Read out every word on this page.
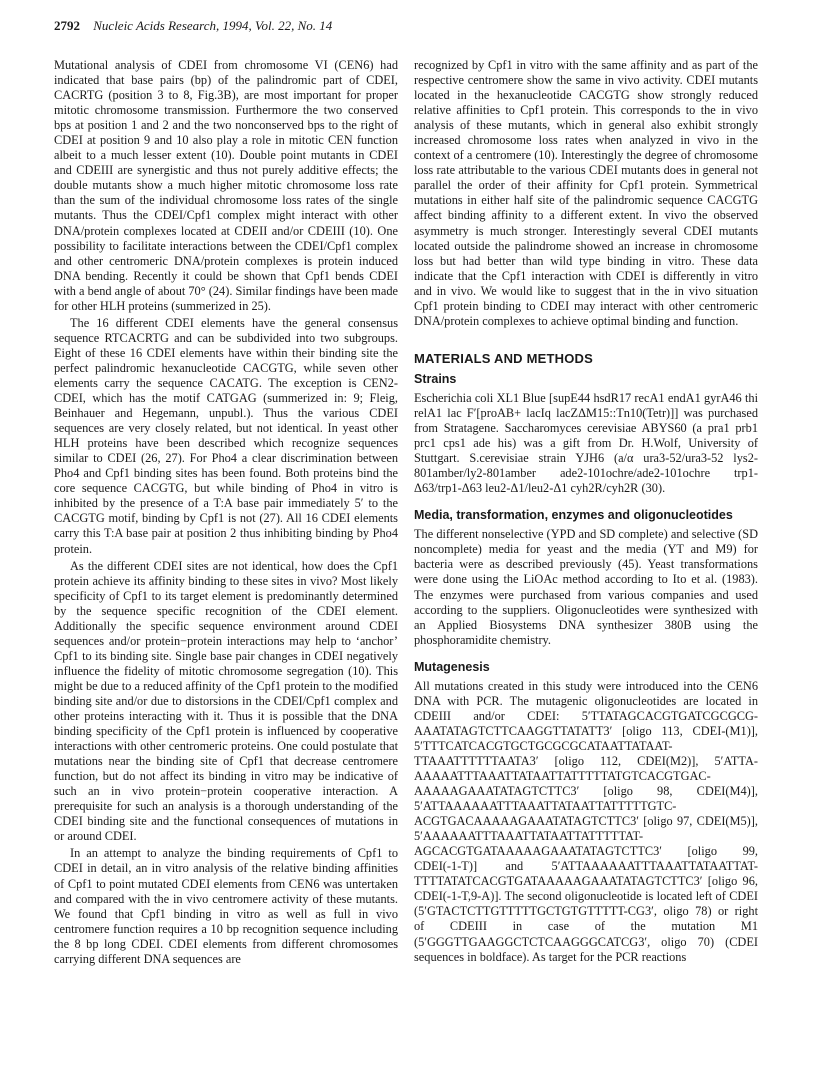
2792 Nucleic Acids Research, 1994, Vol. 22, No. 14

Mutational analysis of CDEI from chromosome VI (CEN6) had indicated that base pairs (bp) of the palindromic part of CDEI, CACRTG (position 3 to 8, Fig.3B), are most important for proper mitotic chromosome transmission. Furthermore the two conserved bps at position 1 and 2 and the two nonconserved bps to the right of CDEI at position 9 and 10 also play a role in mitotic CEN function albeit to a much lesser extent (10). Double point mutants in CDEI and CDEIII are synergistic and thus not purely additive effects; the double mutants show a much higher mitotic chromosome loss rate than the sum of the individual chromosome loss rates of the single mutants. Thus the CDEI/Cpf1 complex might interact with other DNA/protein complexes located at CDEII and/or CDEIII (10). One possibility to facilitate interactions between the CDEI/Cpf1 complex and other centromeric DNA/protein complexes is protein induced DNA bending. Recently it could be shown that Cpf1 bends CDEI with a bend angle of about 70° (24). Similar findings have been made for other HLH proteins (summerized in 25).

The 16 different CDEI elements have the general consensus sequence RTCACRTG and can be subdivided into two subgroups. Eight of these 16 CDEI elements have within their binding site the perfect palindromic hexanucleotide CACGTG, while seven other elements carry the sequence CACATG. The exception is CEN2-CDEI, which has the motif CATGAG (summerized in: 9; Fleig, Beinhauer and Hegemann, unpubl.). Thus the various CDEI sequences are very closely related, but not identical. In yeast other HLH proteins have been described which recognize sequences similar to CDEI (26, 27). For Pho4 a clear discrimination between Pho4 and Cpf1 binding sites has been found. Both proteins bind the core sequence CACGTG, but while binding of Pho4 in vitro is inhibited by the presence of a T:A base pair immediately 5′ to the CACGTG motif, binding by Cpf1 is not (27). All 16 CDEI elements carry this T:A base pair at position 2 thus inhibiting binding by Pho4 protein.

As the different CDEI sites are not identical, how does the Cpf1 protein achieve its affinity binding to these sites in vivo? Most likely specificity of Cpf1 to its target element is predominantly determined by the sequence specific recognition of the CDEI element. Additionally the specific sequence environment around CDEI sequences and/or protein−protein interactions may help to ‘anchor’ Cpf1 to its binding site. Single base pair changes in CDEI negatively influence the fidelity of mitotic chromosome segregation (10). This might be due to a reduced affinity of the Cpf1 protein to the modified binding site and/or due to distorsions in the CDEI/Cpf1 complex and other proteins interacting with it. Thus it is possible that the DNA binding specificity of the Cpf1 protein is influenced by cooperative interactions with other centromeric proteins. One could postulate that mutations near the binding site of Cpf1 that decrease centromere function, but do not affect its binding in vitro may be indicative of such an in vivo protein−protein cooperative interaction. A prerequisite for such an analysis is a thorough understanding of the CDEI binding site and the functional consequences of mutations in or around CDEI.

In an attempt to analyze the binding requirements of Cpf1 to CDEI in detail, an in vitro analysis of the relative binding affinities of Cpf1 to point mutated CDEI elements from CEN6 was untertaken and compared with the in vivo centromere activity of these mutants. We found that Cpf1 binding in vitro as well as full in vivo centromere function requires a 10 bp recognition sequence including the 8 bp long CDEI. CDEI elements from different chromosomes carrying different DNA sequences are

recognized by Cpf1 in vitro with the same affinity and as part of the respective centromere show the same in vivo activity. CDEI mutants located in the hexanucleotide CACGTG show strongly reduced relative affinities to Cpf1 protein. This corresponds to the in vivo analysis of these mutants, which in general also exhibit strongly increased chromosome loss rates when analyzed in vivo in the context of a centromere (10). Interestingly the degree of chromosome loss rate attributable to the various CDEI mutants does in general not parallel the order of their affinity for Cpf1 protein. Symmetrical mutations in either half site of the palindromic sequence CACGTG affect binding affinity to a different extent. In vivo the observed asymmetry is much stronger. Interestingly several CDEI mutants located outside the palindrome showed an increase in chromosome loss but had better than wild type binding in vitro. These data indicate that the Cpf1 interaction with CDEI is differently in vitro and in vivo. We would like to suggest that in the in vivo situation Cpf1 protein binding to CDEI may interact with other centromeric DNA/protein complexes to achieve optimal binding and function.

MATERIALS AND METHODS
Strains

Escherichia coli XL1 Blue [supE44 hsdR17 recA1 endA1 gyrA46 thi relA1 lac F′[proAB+ lacIq lacZΔM15::Tn10(Tetr)]] was purchased from Stratagene. Saccharomyces cerevisiae ABYS60 (a pra1 prb1 prc1 cps1 ade his) was a gift from Dr. H.Wolf, University of Stuttgart. S.cerevisiae strain YJH6 (a/α ura3-52/ura3-52 lys2-801amber/ly2-801amber ade2-101ochre/ade2-101ochre trp1-Δ63/trp1-Δ63 leu2-Δ1/leu2-Δ1 cyh2R/cyh2R (30).

Media, transformation, enzymes and oligonucleotides

The different nonselective (YPD and SD complete) and selective (SD noncomplete) media for yeast and the media (YT and M9) for bacteria were as described previously (45). Yeast transformations were done using the LiOAc method according to Ito et al. (1983). The enzymes were purchased from various companies and used according to the suppliers. Oligonucleotides were synthesized with an Applied Biosystems DNA synthesizer 380B using the phosphoramidite chemistry.

Mutagenesis

All mutations created in this study were introduced into the CEN6 DNA with PCR. The mutagenic oligonucleotides are located in CDEIII and/or CDEI: 5′TTATAGCACGTGATCGCGCG-AAATATAGTCTTCAAGGTTATATT3′ [oligo 113, CDEI-(M1)], 5′TTTCATCACGTGCTGCGCGCATAATTATAAT-TTAAATTTTTTAATA3′ [oligo 112, CDEI(M2)], 5′ATTA-AAAAATTTAAATTATAATTATTTTTATGTCACGTGAC-AAAAAGAAATATAGTCTTC3′ [oligo 98, CDEI(M4)], 5′ATTAAAAAATTTAAATTATAATTATTTTTGTC-ACGTGACAAAAAGAAATATAGTCTTC3′ [oligo 97, CDEI(M5)], 5′AAAAAATTTAAATTATAATTATTTTTAT-AGCACGTGATAAAAAGAAATATAGTCTTC3′ [oligo 99, CDEI(-1-T)] and 5′ATTAAAAAATTTAAATTATAATTAT-TTTTATATCACGTGATAAAAAGAAATATAGTCTTC3′ [oligo 96, CDEI(-1-T,9-A)]. The second oligonucleotide is located left of CDEI (5′GTACTCTTGTTTTTGCTGTGTTTTT-CG3′, oligo 78) or right of CDEIII in case of the mutation M1 (5′GGGTTGAAGGCTCTCAAGGGCATCG3′, oligo 70) (CDEI sequences in boldface). As target for the PCR reactions
